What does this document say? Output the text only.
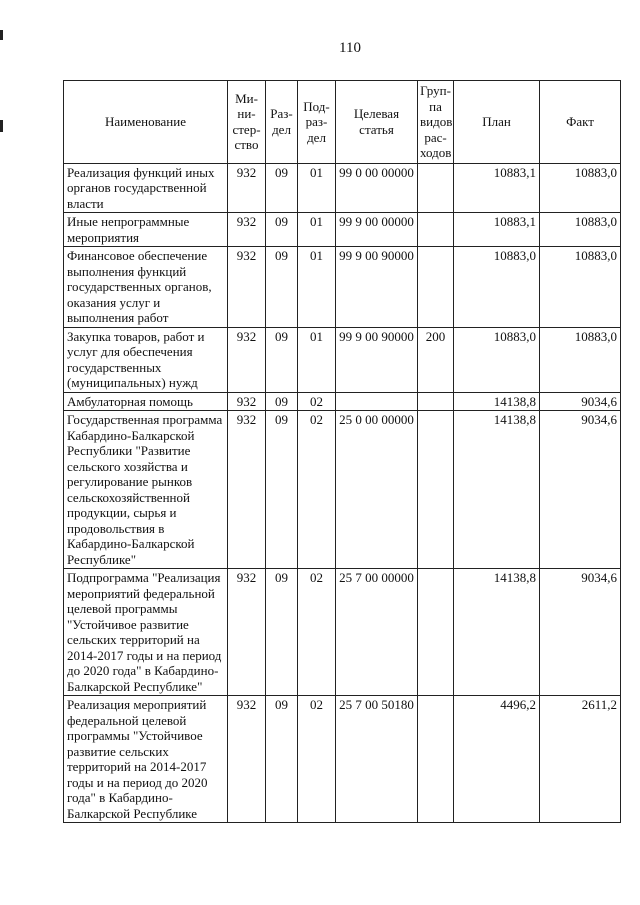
110
Наименование	Ми-
ни-
стер-
ство	Раз-
дел	Под-
раз-
дел	Целевая
статья	Груп-
па
видов
рас-
ходов	План	Факт
Реализация функций иных органов государственной власти	932	09	01	99 0 00 00000		10883,1	10883,0
Иные непрограммные мероприятия	932	09	01	99 9 00 00000		10883,1	10883,0
Финансовое обеспечение выполнения функций государственных органов, оказания услуг и выполнения работ	932	09	01	99 9 00 90000		10883,0	10883,0
Закупка товаров, работ и услуг для обеспечения государственных (муниципальных) нужд	932	09	01	99 9 00 90000	200	10883,0	10883,0
Амбулаторная помощь	932	09	02			14138,8	9034,6
Государственная программа Кабардино-Балкарской Республики "Развитие сельского хозяйства и регулирование рынков сельскохозяйственной продукции, сырья и продовольствия в Кабардино-Балкарской Республике"	932	09	02	25 0 00 00000		14138,8	9034,6
Подпрограмма "Реализация мероприятий федеральной целевой программы "Устойчивое развитие сельских территорий на 2014-2017 годы и на период до 2020 года" в Кабардино-Балкарской Республике"	932	09	02	25 7 00 00000		14138,8	9034,6
Реализация мероприятий федеральной целевой программы "Устойчивое развитие сельских территорий на 2014-2017 годы и на период до 2020 года" в Кабардино-Балкарской Республике	932	09	02	25 7 00 50180		4496,2	2611,2
